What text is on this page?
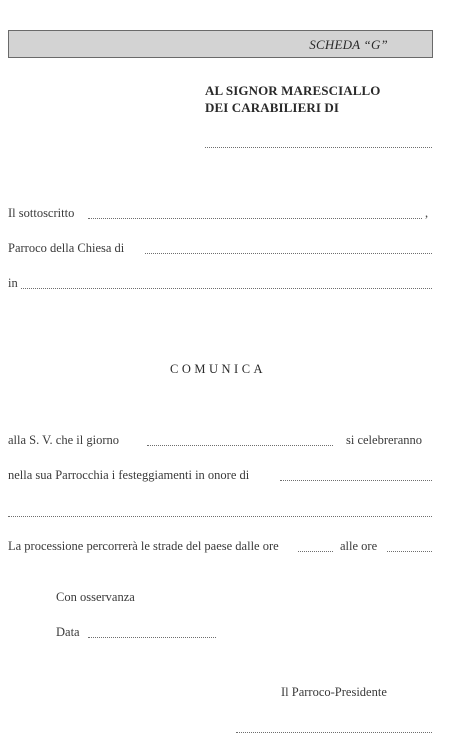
SCHEDA “G”
AL SIGNOR MARESCIALLO
DEI CARABILIERI DI
Il sottoscritto	,
Parroco della Chiesa di
in
COMUNICA
alla S. V. che il giorno	si celebreranno
nella sua Parrocchia i festeggiamenti in onore di
La processione percorrerà le strade del paese dalle ore	alle ore
Con osservanza
Data
Il Parroco-Presidente
